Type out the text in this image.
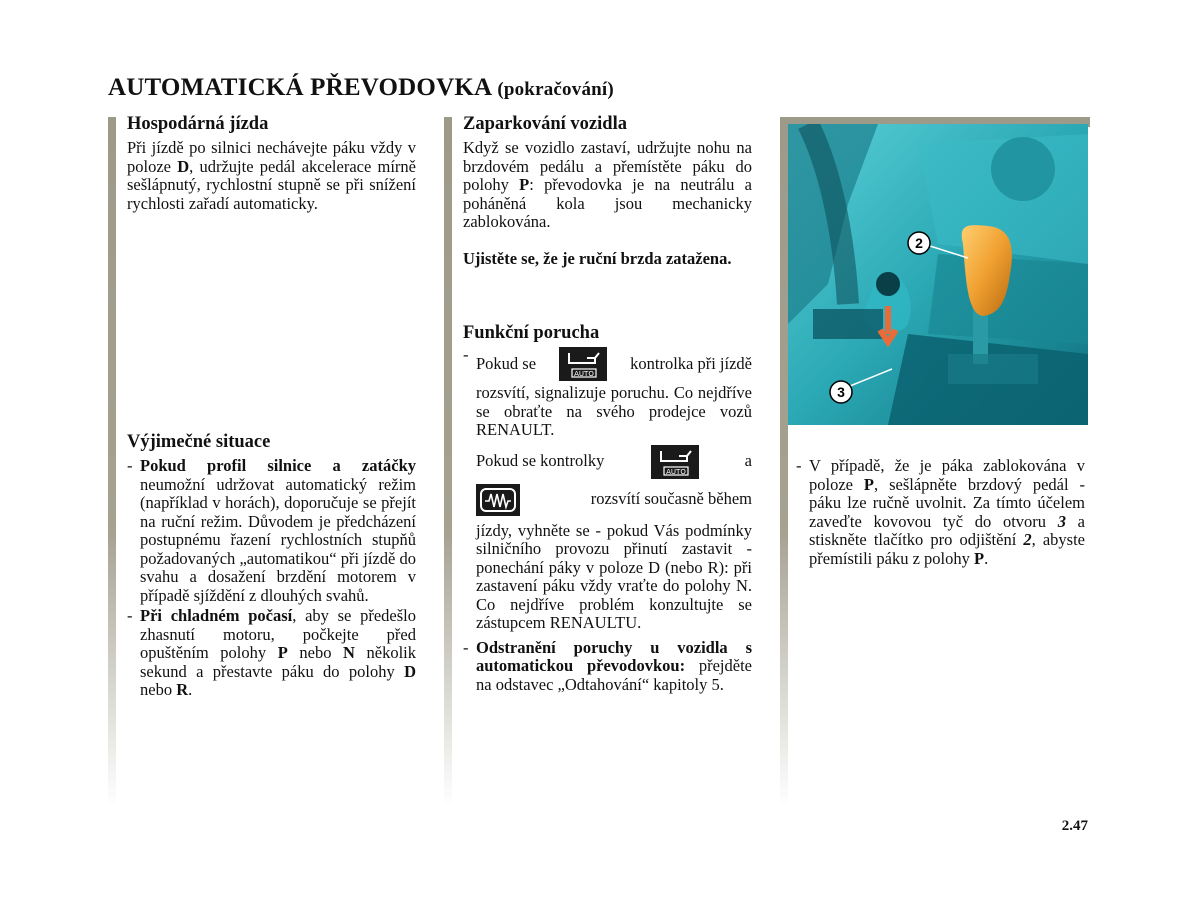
AUTOMATICKÁ PŘEVODOVKA (pokračování)
Hospodárná jízda

Při jízdě po silnici nechávejte páku vždy v poloze D, udržujte pedál akcelerace mírně sešlápnutý, rychlostní stupně se při snížení rychlosti zařadí automaticky.

Výjimečné situace
- Pokud profil silnice a zatáčky neumožní udržovat automatický režim (například v horách), doporučuje se přejít na ruční režim. Důvodem je předcházení postupnému řazení rychlostních stupňů požadovaných „automatikou“ při jízdě do svahu a dosažení brzdění motorem v případě sjíždění z dlouhých svahů.
- Při chladném počasí, aby se předešlo zhasnutí motoru, počkejte před opuštěním polohy P nebo N několik sekund a přestavte páku do polohy D nebo R.
Zaparkování vozidla

Když se vozidlo zastaví, udržujte nohu na brzdovém pedálu a přemístěte páku do polohy P: převodovka je na neutrálu a poháněná kola jsou mechanicky zablokována.

Ujistěte se, že je ruční brzda zatažena.

Funkční porucha
- Pokud se
AUTO
kontrolka při jízdě

rozsvítí, signalizuje poruchu. Co nejdříve se obraťte na svého prodejce vozů RENAULT.

Pokud se kontrolky
AUTO
a
rozsvítí současně během

jízdy, vyhněte se - pokud Vás podmínky silničního provozu přinutí zastavit - ponechání páky v poloze D (nebo R): při zastavení páku vždy vraťte do polohy N. Co nejdříve problém konzultujte se zástupcem RENAULTU.

- Odstranění poruchy u vozidla s automatickou převodovkou: přejděte na odstavec „Odtahování“ kapitoly 5.
2
3
- V případě, že je páka zablokována v poloze P, sešlápněte brzdový pedál - páku lze ručně uvolnit. Za tímto účelem zaveďte kovovou tyč do otvoru 3 a stiskněte tlačítko pro odjištění 2, abyste přemístili páku z polohy P.
2.47
